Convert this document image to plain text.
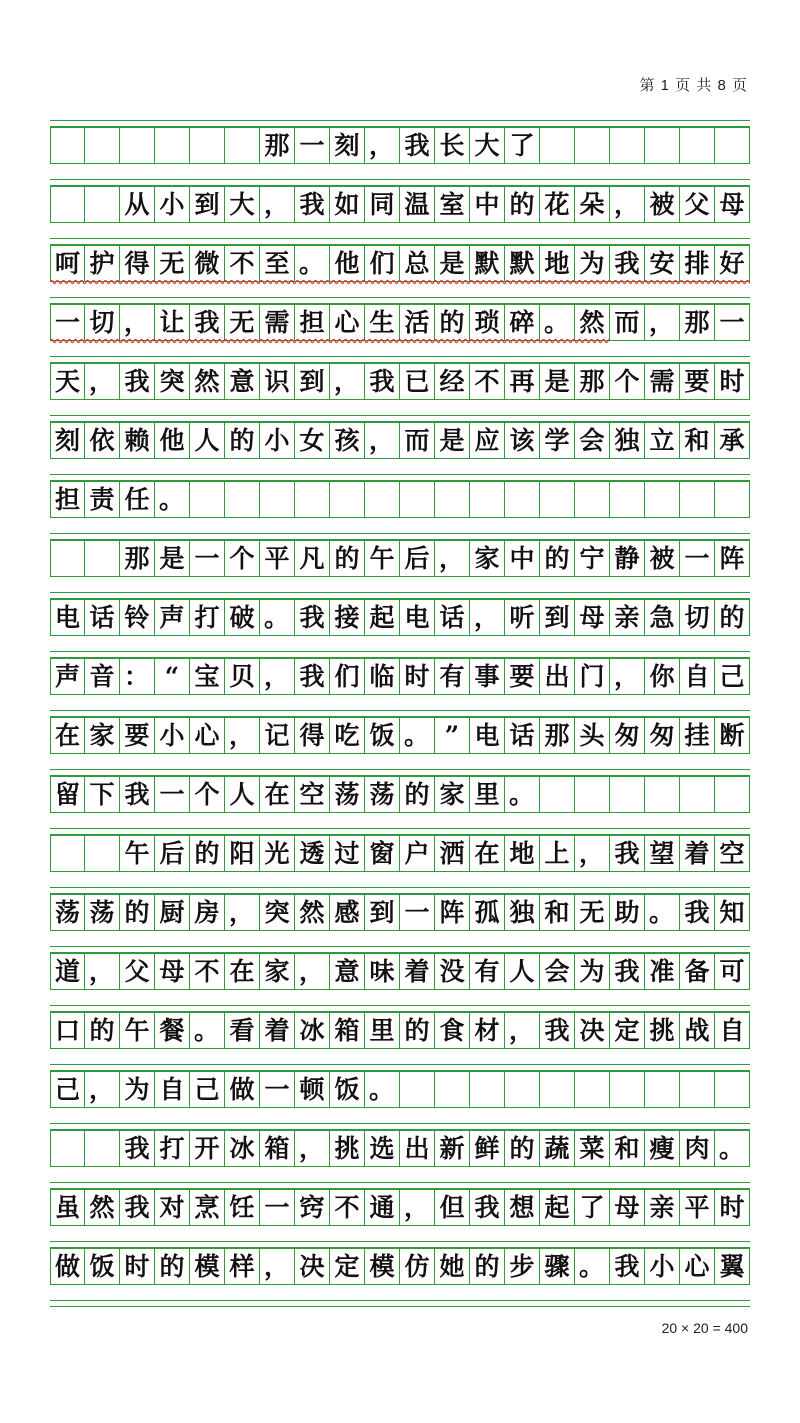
第 1 页 共 8 页
那 一 刻 ， 我 长 大 了
从 小 到 大 ， 我 如 同 温 室 中 的 花 朵 ， 被 父 母
呵 护 得 无 微 不 至 。 他 们 总 是 默 默 地 为 我 安 排 好
一 切 ， 让 我 无 需 担 心 生 活 的 琐 碎 。 然 而 ， 那 一
天 ， 我 突 然 意 识 到 ， 我 已 经 不 再 是 那 个 需 要 时
刻 依 赖 他 人 的 小 女 孩 ， 而 是 应 该 学 会 独 立 和 承
担 责 任 。
那 是 一 个 平 凡 的 午 后 ， 家 中 的 宁 静 被 一 阵
电 话 铃 声 打 破 。 我 接 起 电 话 ， 听 到 母 亲 急 切 的
声 音 ： “ 宝 贝 ， 我 们 临 时 有 事 要 出 门 ， 你 自 己
在 家 要 小 心 ， 记 得 吃 饭 。 ” 电 话 那 头 匆 匆 挂 断
留 下 我 一 个 人 在 空 荡 荡 的 家 里 。
午 后 的 阳 光 透 过 窗 户 洒 在 地 上 ， 我 望 着 空
荡 荡 的 厨 房 ， 突 然 感 到 一 阵 孤 独 和 无 助 。 我 知
道 ， 父 母 不 在 家 ， 意 味 着 没 有 人 会 为 我 准 备 可
口 的 午 餐 。 看 着 冰 箱 里 的 食 材 ， 我 决 定 挑 战 自
己 ， 为 自 己 做 一 顿 饭 。
我 打 开 冰 箱 ， 挑 选 出 新 鲜 的 蔬 菜 和 瘦 肉 。
虽 然 我 对 烹 饪 一 窍 不 通 ， 但 我 想 起 了 母 亲 平 时
做 饭 时 的 模 样 ， 决 定 模 仿 她 的 步 骤 。 我 小 心 翼
20 × 20 = 400
